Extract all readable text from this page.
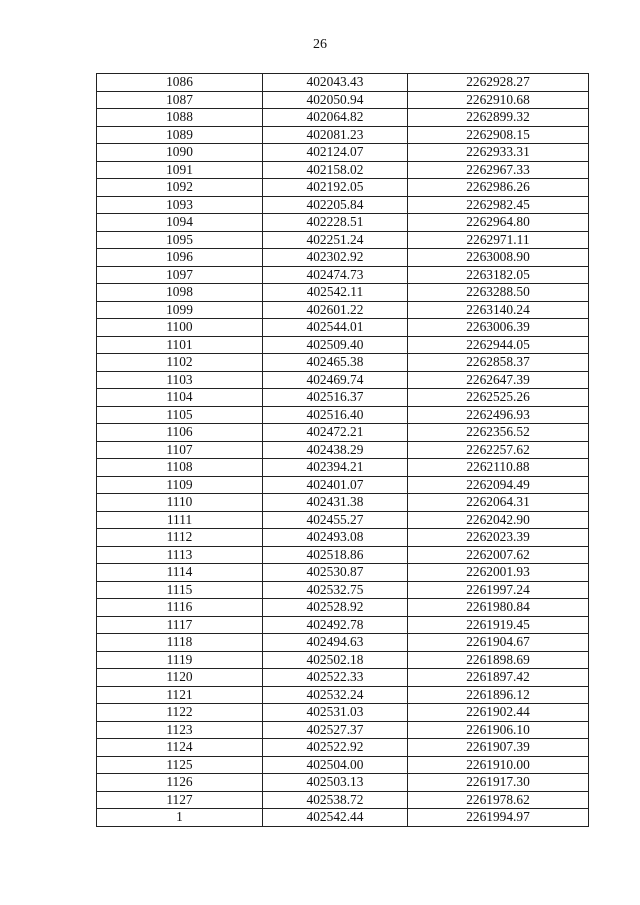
26
1086	402043.43	2262928.27
1087	402050.94	2262910.68
1088	402064.82	2262899.32
1089	402081.23	2262908.15
1090	402124.07	2262933.31
1091	402158.02	2262967.33
1092	402192.05	2262986.26
1093	402205.84	2262982.45
1094	402228.51	2262964.80
1095	402251.24	2262971.11
1096	402302.92	2263008.90
1097	402474.73	2263182.05
1098	402542.11	2263288.50
1099	402601.22	2263140.24
1100	402544.01	2263006.39
1101	402509.40	2262944.05
1102	402465.38	2262858.37
1103	402469.74	2262647.39
1104	402516.37	2262525.26
1105	402516.40	2262496.93
1106	402472.21	2262356.52
1107	402438.29	2262257.62
1108	402394.21	2262110.88
1109	402401.07	2262094.49
1110	402431.38	2262064.31
1111	402455.27	2262042.90
1112	402493.08	2262023.39
1113	402518.86	2262007.62
1114	402530.87	2262001.93
1115	402532.75	2261997.24
1116	402528.92	2261980.84
1117	402492.78	2261919.45
1118	402494.63	2261904.67
1119	402502.18	2261898.69
1120	402522.33	2261897.42
1121	402532.24	2261896.12
1122	402531.03	2261902.44
1123	402527.37	2261906.10
1124	402522.92	2261907.39
1125	402504.00	2261910.00
1126	402503.13	2261917.30
1127	402538.72	2261978.62
1	402542.44	2261994.97
